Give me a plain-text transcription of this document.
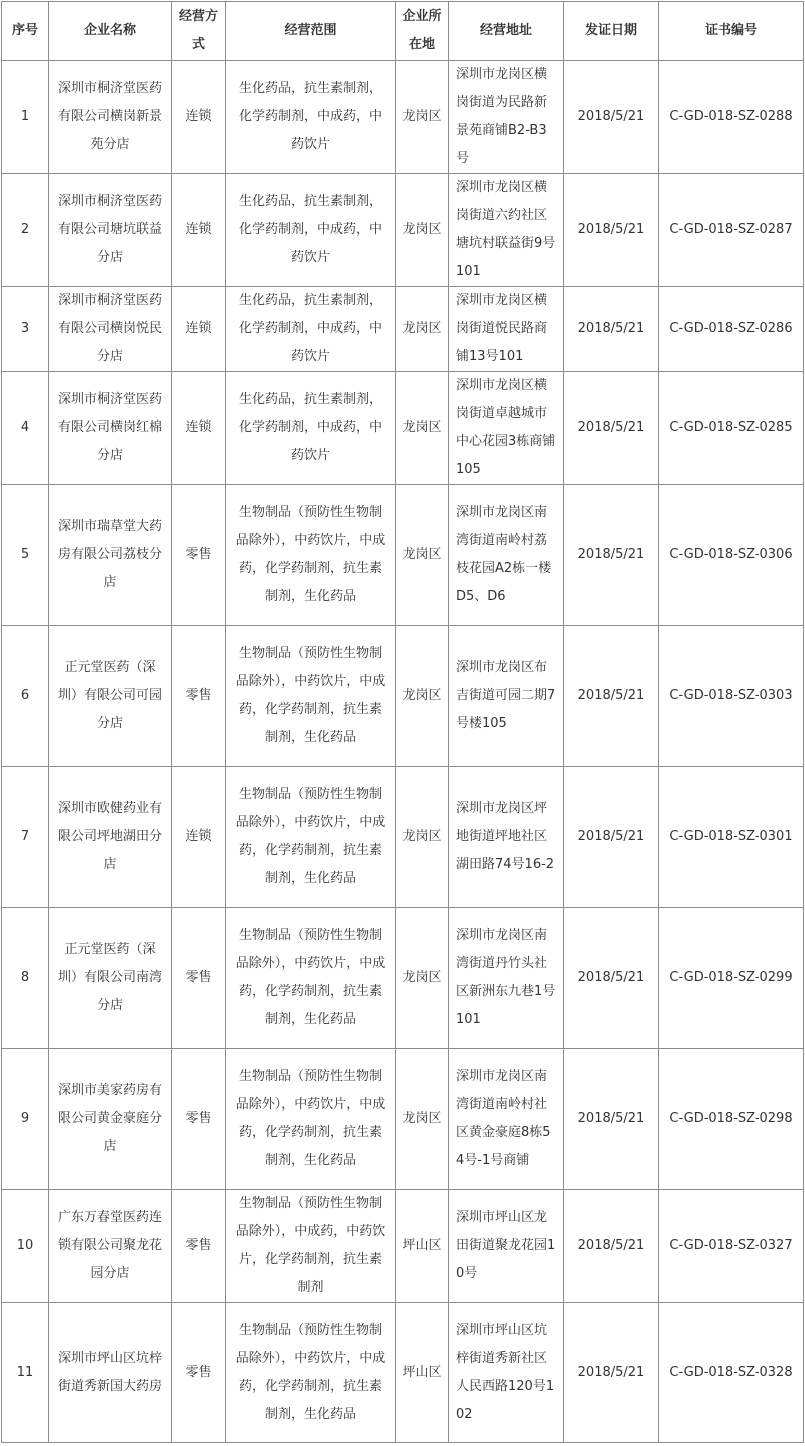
序号	企业名称	经营方式	经营范围	企业所在地	经营地址	发证日期	证书编号
1	深圳市桐济堂医药有限公司横岗新景苑分店	连锁	生化药品，抗生素制剂，化学药制剂，中成药，中药饮片	龙岗区	深圳市龙岗区横岗街道为民路新景苑商铺B2-B3号	2018/5/21	C-GD-018-SZ-0288
2	深圳市桐济堂医药有限公司塘坑联益分店	连锁	生化药品，抗生素制剂，化学药制剂，中成药，中药饮片	龙岗区	深圳市龙岗区横岗街道六约社区塘坑村联益街9号101	2018/5/21	C-GD-018-SZ-0287
3	深圳市桐济堂医药有限公司横岗悦民分店	连锁	生化药品，抗生素制剂，化学药制剂，中成药，中药饮片	龙岗区	深圳市龙岗区横岗街道悦民路商铺13号101	2018/5/21	C-GD-018-SZ-0286
4	深圳市桐济堂医药有限公司横岗红棉分店	连锁	生化药品，抗生素制剂，化学药制剂，中成药，中药饮片	龙岗区	深圳市龙岗区横岗街道卓越城市中心花园3栋商铺105	2018/5/21	C-GD-018-SZ-0285
5	深圳市瑞草堂大药房有限公司荔枝分店	零售	生物制品（预防性生物制品除外），中药饮片，中成药，化学药制剂，抗生素制剂，生化药品	龙岗区	深圳市龙岗区南湾街道南岭村荔枝花园A2栋一楼D5、D6	2018/5/21	C-GD-018-SZ-0306
6	正元堂医药（深圳）有限公司可园分店	零售	生物制品（预防性生物制品除外），中药饮片，中成药，化学药制剂，抗生素制剂，生化药品	龙岗区	深圳市龙岗区布吉街道可园二期7号楼105	2018/5/21	C-GD-018-SZ-0303
7	深圳市欧健药业有限公司坪地湖田分店	连锁	生物制品（预防性生物制品除外），中药饮片，中成药，化学药制剂，抗生素制剂，生化药品	龙岗区	深圳市龙岗区坪地街道坪地社区湖田路74号16-2	2018/5/21	C-GD-018-SZ-0301
8	正元堂医药（深圳）有限公司南湾分店	零售	生物制品（预防性生物制品除外），中药饮片，中成药，化学药制剂，抗生素制剂，生化药品	龙岗区	深圳市龙岗区南湾街道丹竹头社区新洲东九巷1号101	2018/5/21	C-GD-018-SZ-0299
9	深圳市美家药房有限公司黄金豪庭分店	零售	生物制品（预防性生物制品除外），中药饮片，中成药，化学药制剂，抗生素制剂，生化药品	龙岗区	深圳市龙岗区南湾街道南岭村社区黄金豪庭8栋54号-1号商铺	2018/5/21	C-GD-018-SZ-0298
10	广东万春堂医药连锁有限公司聚龙花园分店	零售	生物制品（预防性生物制品除外），中成药，中药饮片，化学药制剂，抗生素制剂	坪山区	深圳市坪山区龙田街道聚龙花园10号	2018/5/21	C-GD-018-SZ-0327
11	深圳市坪山区坑梓街道秀新国大药房	零售	生物制品（预防性生物制品除外），中药饮片，中成药，化学药制剂，抗生素制剂，生化药品	坪山区	深圳市坪山区坑梓街道秀新社区人民西路120号102	2018/5/21	C-GD-018-SZ-0328
